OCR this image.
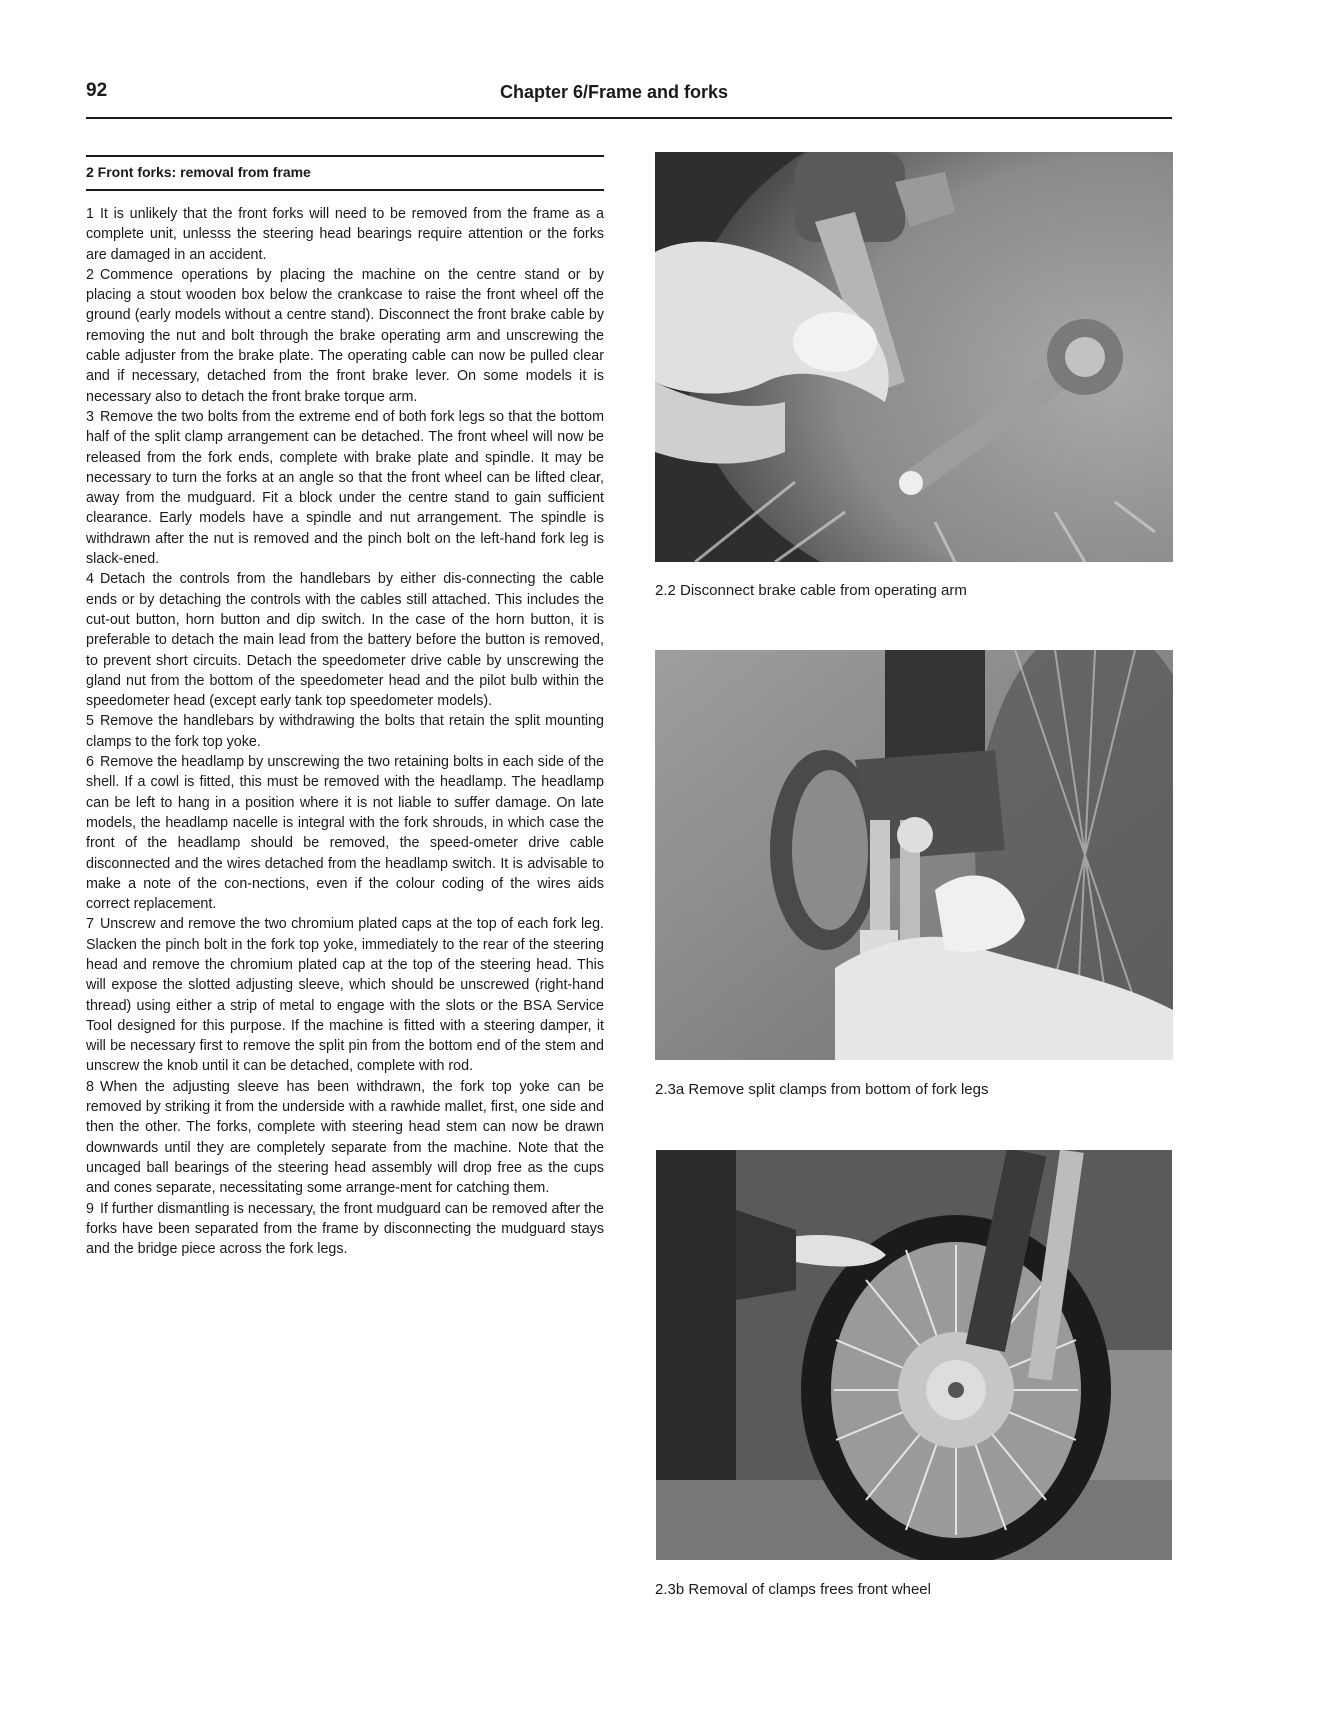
92	Chapter 6/Frame and forks
2 Front forks: removal from frame

1 It is unlikely that the front forks will need to be removed from the frame as a complete unit, unlesss the steering head bearings require attention or the forks are damaged in an accident.

2 Commence operations by placing the machine on the centre stand or by placing a stout wooden box below the crankcase to raise the front wheel off the ground (early models without a centre stand). Disconnect the front brake cable by removing the nut and bolt through the brake operating arm and unscrewing the cable adjuster from the brake plate. The operating cable can now be pulled clear and if necessary, detached from the front brake lever. On some models it is necessary also to detach the front brake torque arm.

3 Remove the two bolts from the extreme end of both fork legs so that the bottom half of the split clamp arrangement can be detached. The front wheel will now be released from the fork ends, complete with brake plate and spindle. It may be necessary to turn the forks at an angle so that the front wheel can be lifted clear, away from the mudguard. Fit a block under the centre stand to gain sufficient clearance. Early models have a spindle and nut arrangement. The spindle is withdrawn after the nut is removed and the pinch bolt on the left-hand fork leg is slack-ened.

4 Detach the controls from the handlebars by either dis-connecting the cable ends or by detaching the controls with the cables still attached. This includes the cut-out button, horn button and dip switch. In the case of the horn button, it is preferable to detach the main lead from the battery before the button is removed, to prevent short circuits. Detach the speedometer drive cable by unscrewing the gland nut from the bottom of the speedometer head and the pilot bulb within the speedometer head (except early tank top speedometer models).

5 Remove the handlebars by withdrawing the bolts that retain the split mounting clamps to the fork top yoke.

6 Remove the headlamp by unscrewing the two retaining bolts in each side of the shell. If a cowl is fitted, this must be removed with the headlamp. The headlamp can be left to hang in a position where it is not liable to suffer damage. On late models, the headlamp nacelle is integral with the fork shrouds, in which case the front of the headlamp should be removed, the speed-ometer drive cable disconnected and the wires detached from the headlamp switch. It is advisable to make a note of the con-nections, even if the colour coding of the wires aids correct replacement.

7 Unscrew and remove the two chromium plated caps at the top of each fork leg. Slacken the pinch bolt in the fork top yoke, immediately to the rear of the steering head and remove the chromium plated cap at the top of the steering head. This will expose the slotted adjusting sleeve, which should be unscrewed (right-hand thread) using either a strip of metal to engage with the slots or the BSA Service Tool designed for this purpose. If the machine is fitted with a steering damper, it will be necessary first to remove the split pin from the bottom end of the stem and unscrew the knob until it can be detached, complete with rod.

8 When the adjusting sleeve has been withdrawn, the fork top yoke can be removed by striking it from the underside with a rawhide mallet, first, one side and then the other. The forks, complete with steering head stem can now be drawn downwards until they are completely separate from the machine. Note that the uncaged ball bearings of the steering head assembly will drop free as the cups and cones separate, necessitating some arrange-ment for catching them.

9 If further dismantling is necessary, the front mudguard can be removed after the forks have been separated from the frame by disconnecting the mudguard stays and the bridge piece across the fork legs.

2.2 Disconnect brake cable from operating arm
2.3a Remove split clamps from bottom of fork legs
2.3b Removal of clamps frees front wheel
